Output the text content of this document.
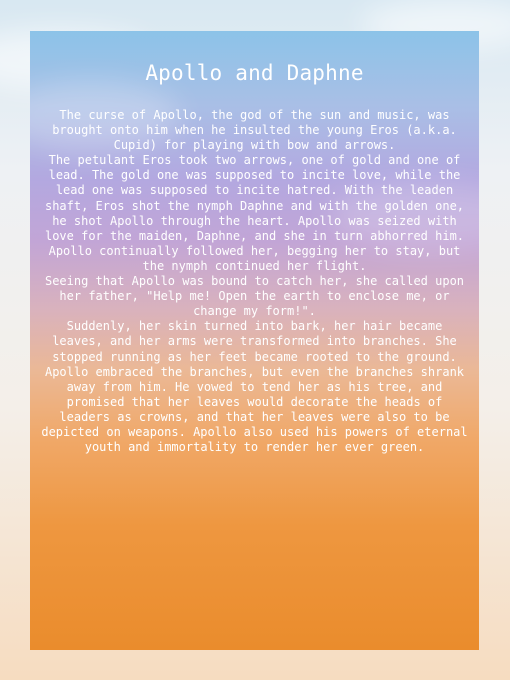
Apollo and Daphne

The curse of Apollo, the god of the sun and music, was brought onto him when he insulted the young Eros (a.k.a. Cupid) for playing with bow and arrows.

The petulant Eros took two arrows, one of gold and one of lead. The gold one was supposed to incite love, while the lead one was supposed to incite hatred. With the leaden shaft, Eros shot the nymph Daphne and with the golden one, he shot Apollo through the heart. Apollo was seized with love for the maiden, Daphne, and she in turn abhorred him.

Apollo continually followed her, begging her to stay, but the nymph continued her flight.

Seeing that Apollo was bound to catch her, she called upon her father, "Help me! Open the earth to enclose me, or change my form!".

Suddenly, her skin turned into bark, her hair became leaves, and her arms were transformed into branches. She stopped running as her feet became rooted to the ground. Apollo embraced the branches, but even the branches shrank away from him. He vowed to tend her as his tree, and promised that her leaves would decorate the heads of leaders as crowns, and that her leaves were also to be depicted on weapons. Apollo also used his powers of eternal youth and immortality to render her ever green.
